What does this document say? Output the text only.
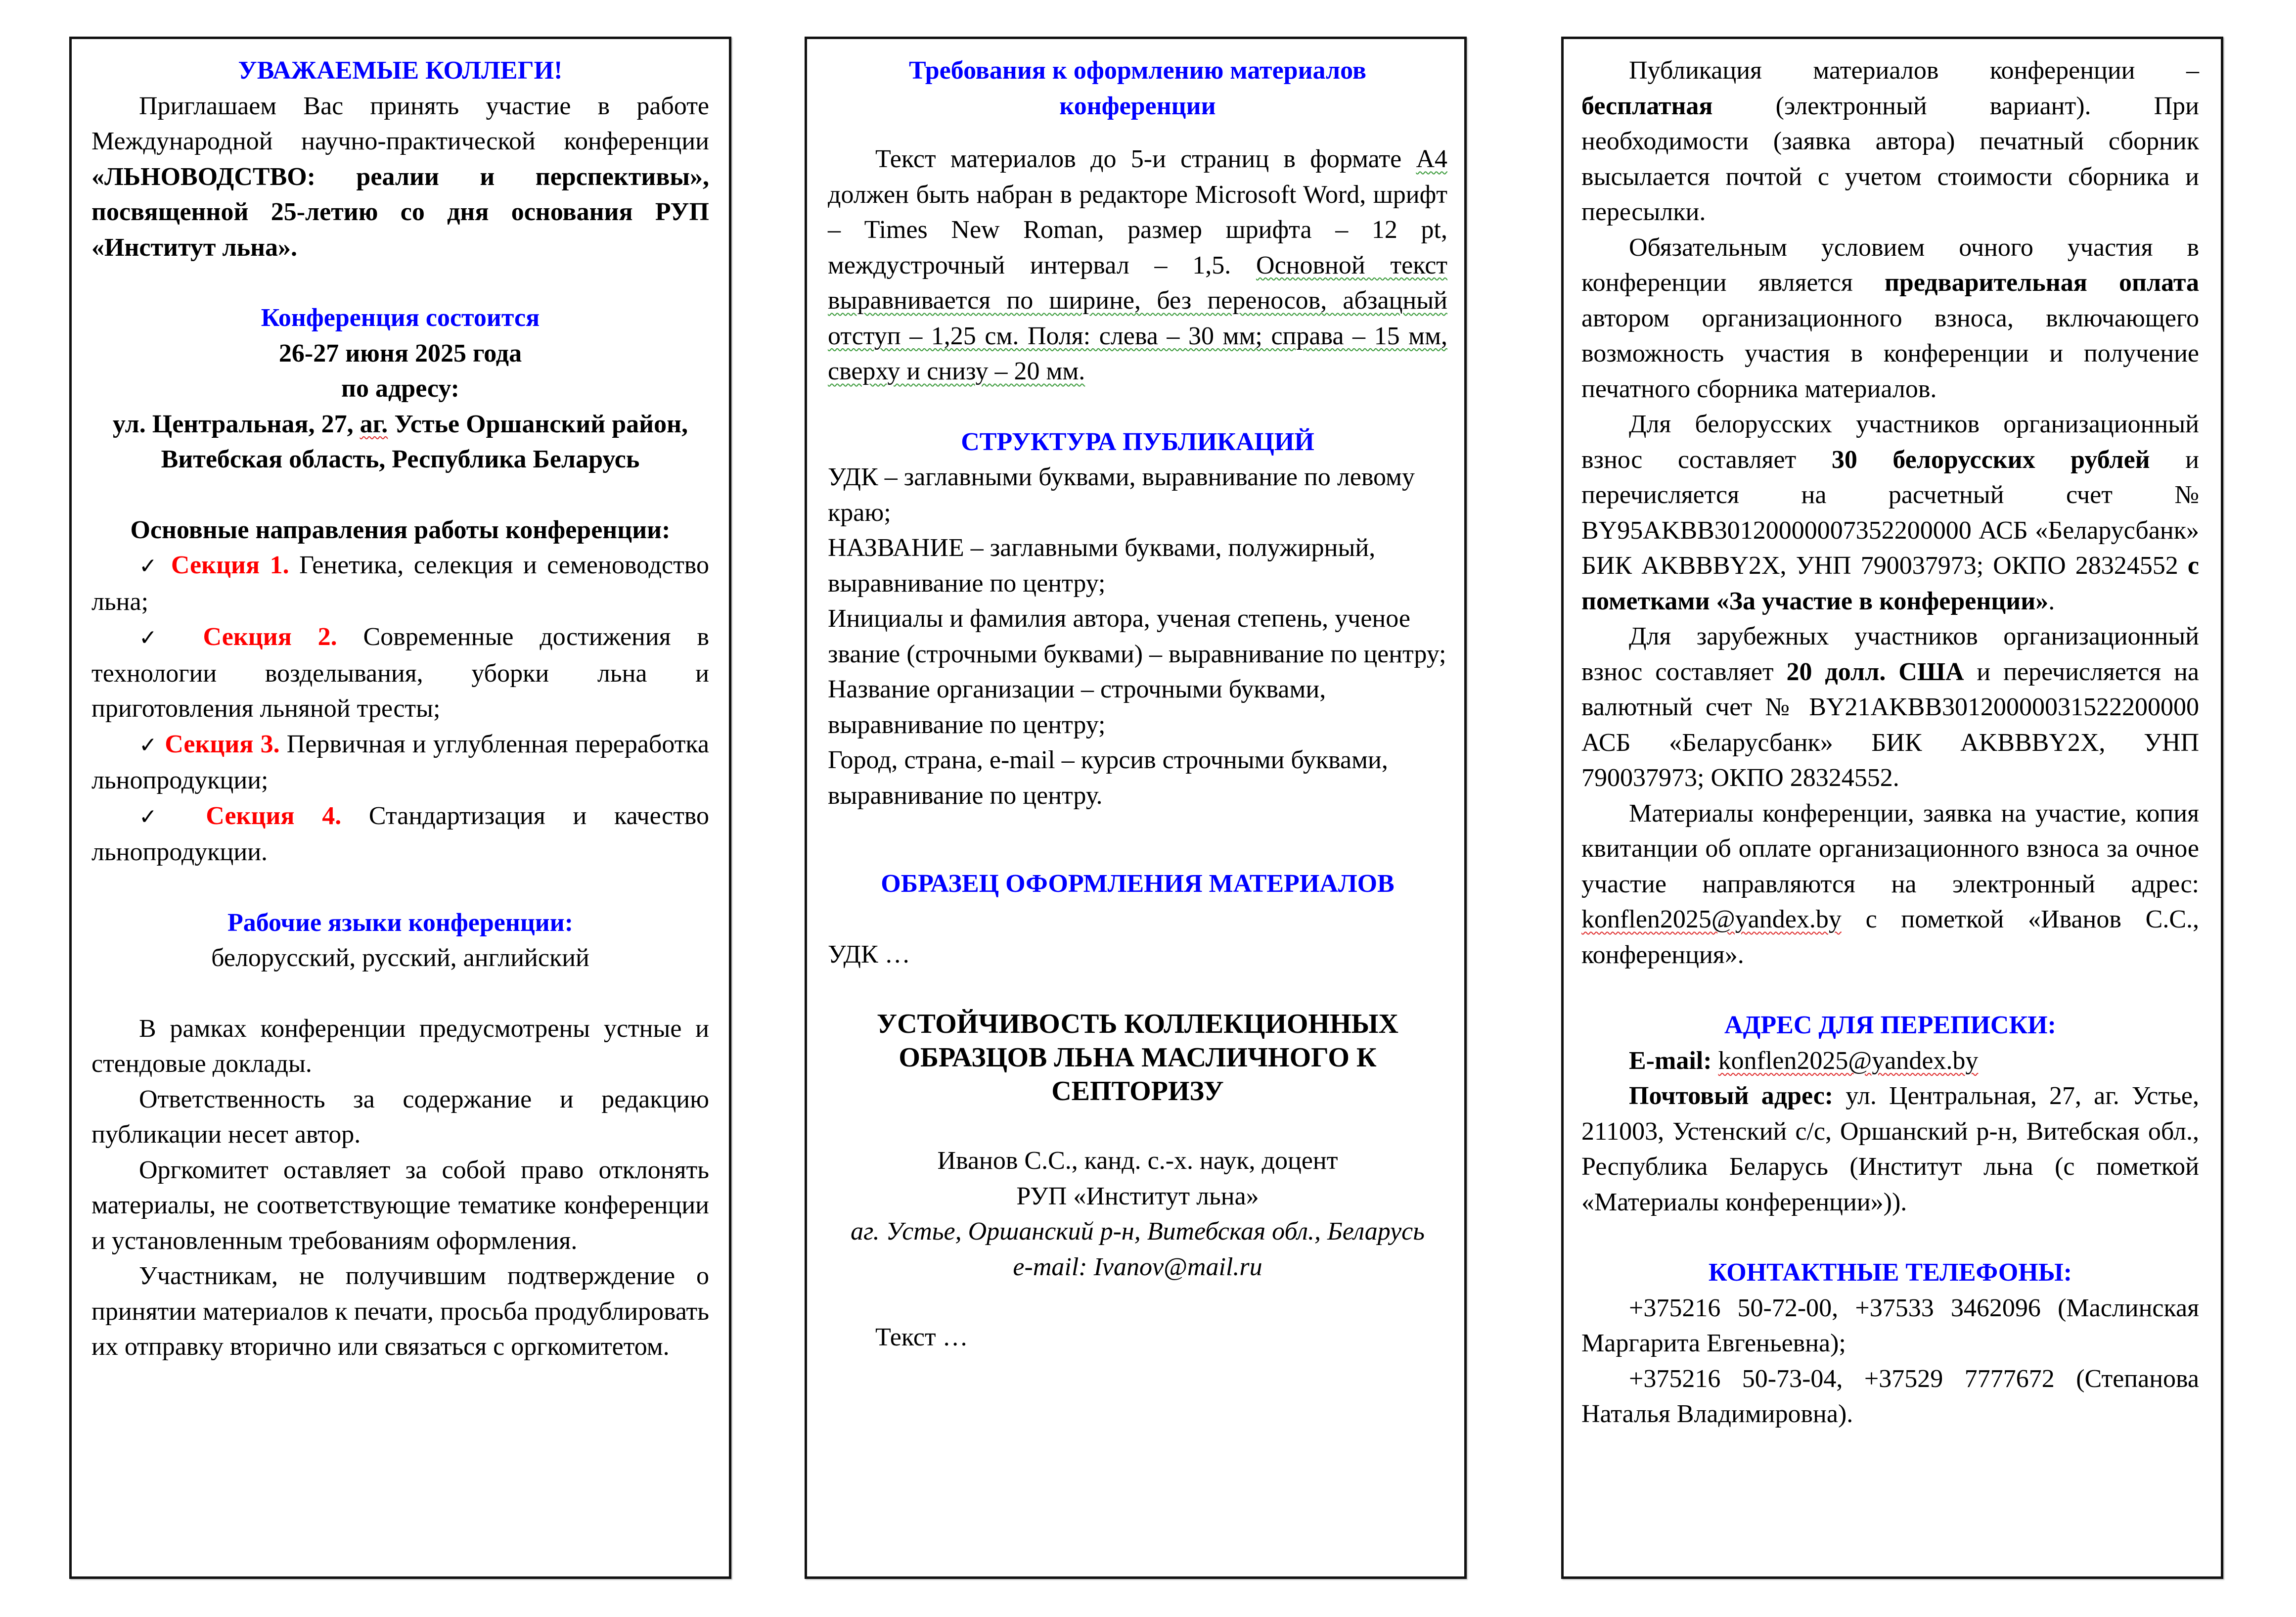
УВАЖАЕМЫЕ КОЛЛЕГИ!

Приглашаем Вас принять участие в работе Международной научно-практической конференции «ЛЬНОВОДСТВО: реалии и перспективы», посвященной 25-летию со дня основания РУП «Институт льна».

Конференция состоится

26-27 июня 2025 года

по адресу:

ул. Центральная, 27, аг. Устье Оршанский район, Витебская область, Республика Беларусь

Основные направления работы конференции:

✓ Секция 1. Генетика, селекция и семеноводство льна;

✓ Секция 2. Современные достижения в технологии возделывания, уборки льна и приготовления льняной тресты;

✓ Секция 3. Первичная и углубленная переработка льнопродукции;

✓ Секция 4. Стандартизация и качество льнопродукции.

Рабочие языки конференции:

белорусский, русский, английский

В рамках конференции предусмотрены устные и стендовые доклады.

Ответственность за содержание и редакцию публикации несет автор.

Оргкомитет оставляет за собой право отклонять материалы, не соответствующие тематике конференции и установленным требованиям оформления.

Участникам, не получившим подтверждение о принятии материалов к печати, просьба продублировать их отправку вторично или связаться с оргкомитетом.

Требования к оформлению материалов конференции

Текст материалов до 5-и страниц в формате А4 должен быть набран в редакторе Microsoft Word, шрифт – Times New Roman, размер шрифта – 12 pt, междустрочный интервал – 1,5. Основной текст выравнивается по ширине, без переносов, абзацный отступ – 1,25 см. Поля: слева – 30 мм; справа – 15 мм, сверху и снизу – 20 мм.

СТРУКТУРА ПУБЛИКАЦИЙ

УДК – заглавными буквами, выравнивание по левому краю;

НАЗВАНИЕ – заглавными буквами, полужирный, выравнивание по центру;

Инициалы и фамилия автора, ученая степень, ученое звание (строчными буквами) – выравнивание по центру;

Название организации – строчными буквами, выравнивание по центру;

Город, страна, e-mail – курсив строчными буквами, выравнивание по центру.

ОБРАЗЕЦ ОФОРМЛЕНИЯ МАТЕРИАЛОВ

УДК …

УСТОЙЧИВОСТЬ КОЛЛЕКЦИОННЫХ ОБРАЗЦОВ ЛЬНА МАСЛИЧНОГО К СЕПТОРИЗУ

Иванов С.С., канд. с.-х. наук, доцент

РУП «Институт льна»

аг. Устье, Оршанский р-н, Витебская обл., Беларусь

e-mail: Ivanov@mail.ru

Текст …

Публикация материалов конференции – бесплатная (электронный вариант). При необходимости (заявка автора) печатный сборник высылается почтой с учетом стоимости сборника и пересылки.

Обязательным условием очного участия в конференции является предварительная оплата автором организационного взноса, включающего возможность участия в конференции и получение печатного сборника материалов.

Для белорусских участников организационный взнос составляет 30 белорусских рублей и перечисляется на расчетный счет № BY95AKBB30120000007352200000 АСБ «Беларусбанк» БИК AKBBBY2X, УНП 790037973; ОКПО 28324552 с пометками «За участие в конференции».

Для зарубежных участников организационный взнос составляет 20 долл. США и перечисляется на валютный счет № BY21AKBB30120000031522200000 АСБ «Беларусбанк» БИК AKBBBY2X, УНП 790037973; ОКПО 28324552.

Материалы конференции, заявка на участие, копия квитанции об оплате организационного взноса за очное участие направляются на электронный адрес: konflen2025@yandex.by с пометкой «Иванов С.С., конференция».

АДРЕС ДЛЯ ПЕРЕПИСКИ:

E-mail: konflen2025@yandex.by

Почтовый адрес: ул. Центральная, 27, аг. Устье, 211003, Устенский с/с, Оршанский р-н, Витебская обл., Республика Беларусь (Институт льна (с пометкой «Материалы конференции»)).

КОНТАКТНЫЕ ТЕЛЕФОНЫ:

+375216 50-72-00, +37533 3462096 (Маслинская Маргарита Евгеньевна);

+375216 50-73-04, +37529 7777672 (Степанова Наталья Владимировна).
